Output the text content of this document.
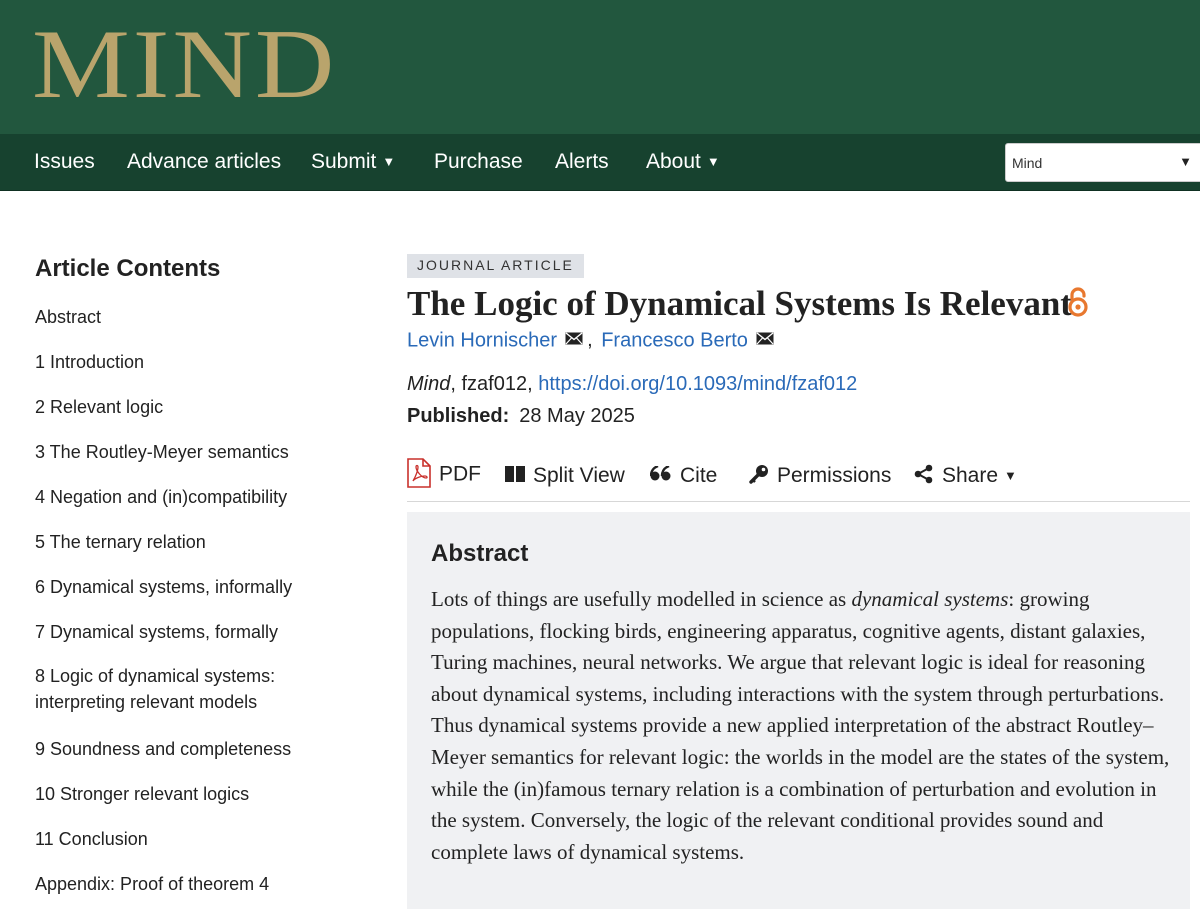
MIND
Issues Advance articles Submit ▼ Purchase Alerts About ▼	Mind	▼
Article Contents
Abstract
1 Introduction
2 Relevant logic
3 The Routley-Meyer semantics
4 Negation and (in)compatibility
5 The ternary relation
6 Dynamical systems, informally
7 Dynamical systems, formally
8 Logic of dynamical systems: interpreting relevant models
9 Soundness and completeness
10 Stronger relevant logics
11 Conclusion
Appendix: Proof of theorem 4
JOURNAL ARTICLE
The Logic of Dynamical Systems Is Relevant
Levin Hornischer , Francesco Berto
Mind, fzaf012, https://doi.org/10.1093/mind/fzaf012
Published: 28 May 2025
PDF	Split View	Cite	Permissions	Share ▼
Abstract
Lots of things are usefully modelled in science as dynamical systems: growing populations, flocking birds, engineering apparatus, cognitive agents, distant galaxies, Turing machines, neural networks. We argue that relevant logic is ideal for reasoning about dynamical systems, including interactions with the system through perturbations. Thus dynamical systems provide a new applied interpretation of the abstract Routley–Meyer semantics for relevant logic: the worlds in the model are the states of the system, while the (in)famous ternary relation is a combination of perturbation and evolution in the system. Conversely, the logic of the relevant conditional provides sound and complete laws of dynamical systems.
